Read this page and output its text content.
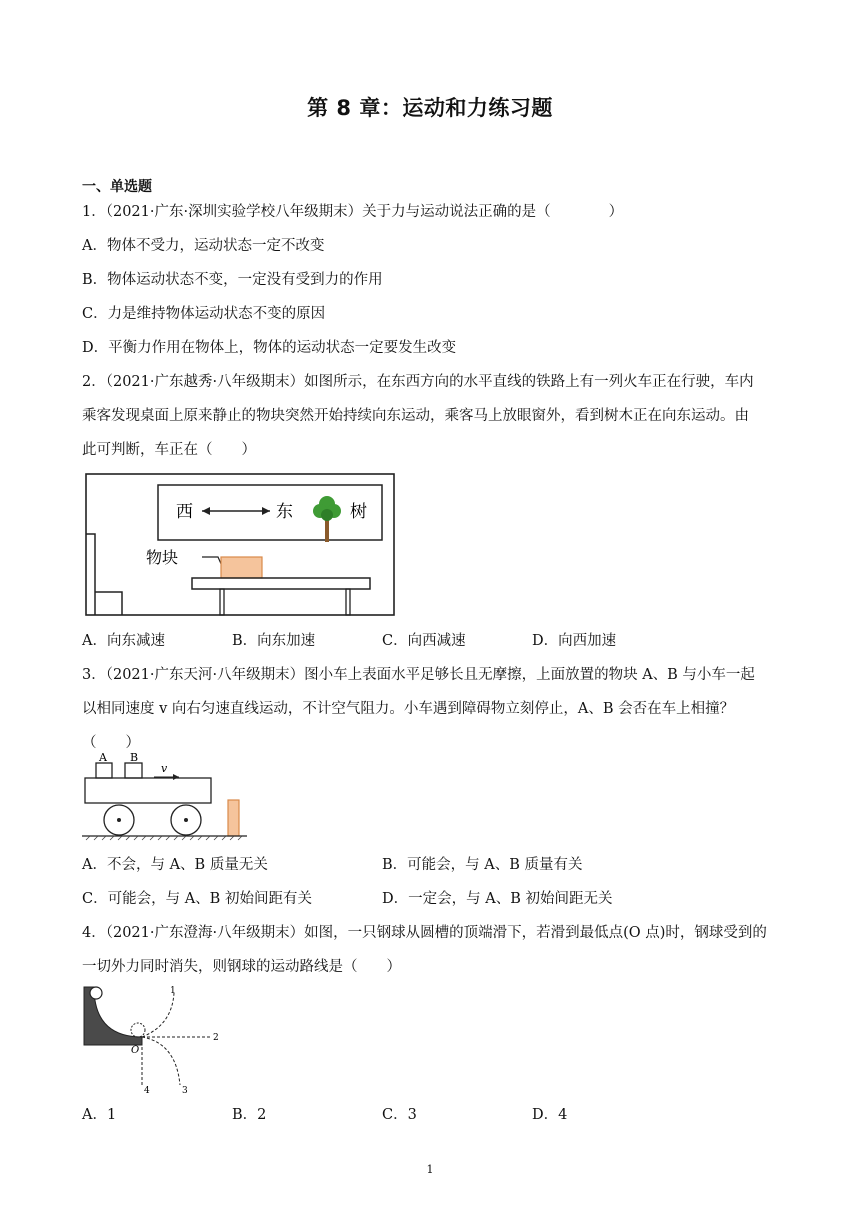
第 8 章：运动和力练习题
一、单选题
1．（2021·广东·深圳实验学校八年级期末）关于力与运动说法正确的是（　　　　）
A．物体不受力，运动状态一定不改变
B．物体运动状态不变，一定没有受到力的作用
C．力是维持物体运动状态不变的原因
D．平衡力作用在物体上，物体的运动状态一定要发生改变
2．（2021·广东越秀·八年级期末）如图所示，在东西方向的水平直线的铁路上有一列火车正在行驶，车内
乘客发现桌面上原来静止的物块突然开始持续向东运动，乘客马上放眼窗外，看到树木正在向东运动。由
此可判断，车正在（　　）
西	东	树
物块
A．向东减速	B．向东加速	C．向西减速	D．向西加速
3．（2021·广东天河·八年级期末）图小车上表面水平足够长且无摩擦，上面放置的物块 A、B 与小车一起
以相同速度 v 向右匀速直线运动，不计空气阻力。小车遇到障碍物立刻停止，A、B 会否在车上相撞？
（　　）
A B
v
A．不会，与 A、B 质量无关	B．可能会，与 A、B 质量有关
C．可能会，与 A、B 初始间距有关	D．一定会，与 A、B 初始间距无关
4．（2021·广东澄海·八年级期末）如图，一只钢球从圆槽的顶端滑下，若滑到最低点(O 点)时，钢球受到的
一切外力同时消失，则钢球的运动路线是（　　）
1
2
3
4
O
A．1	B．2	C．3	D．4
1
